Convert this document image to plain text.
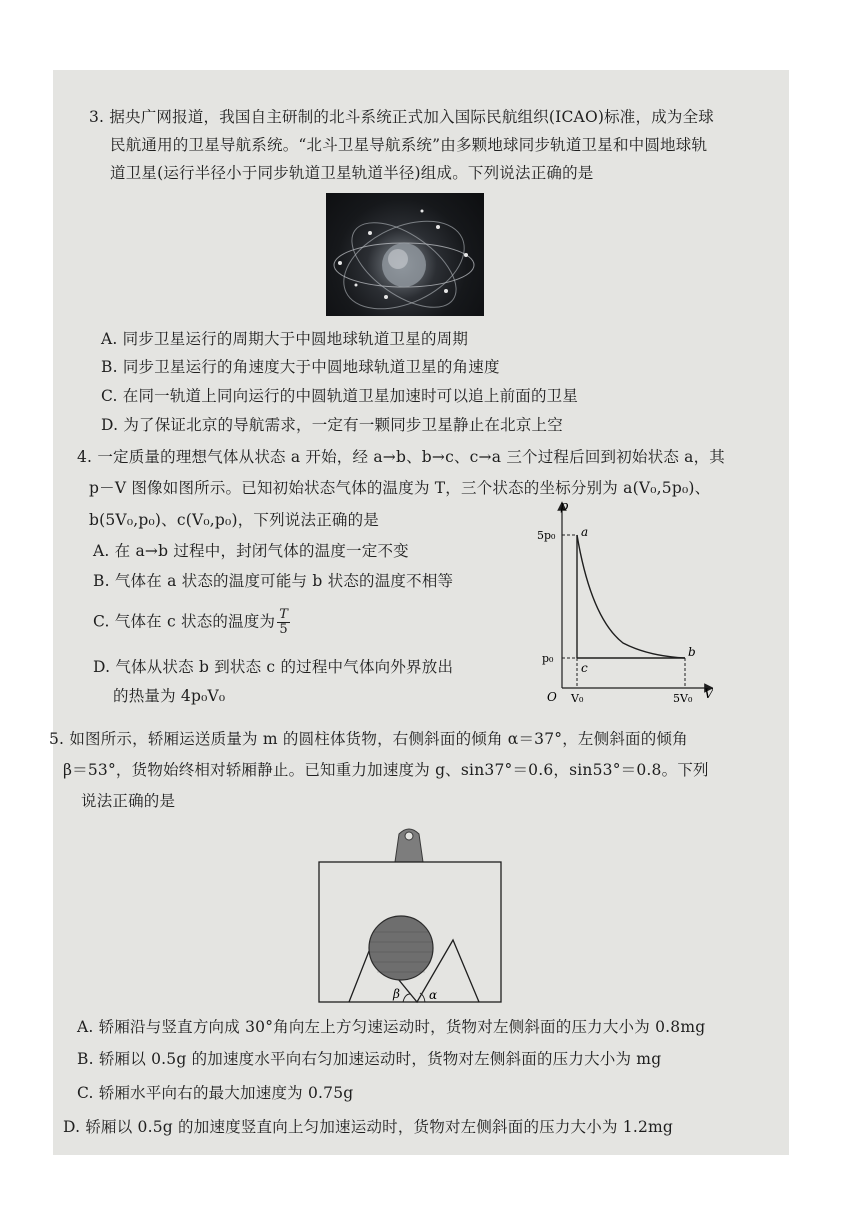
3. 据央广网报道，我国自主研制的北斗系统正式加入国际民航组织(ICAO)标准，成为全球
民航通用的卫星导航系统。“北斗卫星导航系统”由多颗地球同步轨道卫星和中圆地球轨
道卫星(运行半径小于同步轨道卫星轨道半径)组成。下列说法正确的是
A. 同步卫星运行的周期大于中圆地球轨道卫星的周期
B. 同步卫星运行的角速度大于中圆地球轨道卫星的角速度
C. 在同一轨道上同向运行的中圆轨道卫星加速时可以追上前面的卫星
D. 为了保证北京的导航需求，一定有一颗同步卫星静止在北京上空
4. 一定质量的理想气体从状态 a 开始，经 a→b、b→c、c→a 三个过程后回到初始状态 a，其
p－V 图像如图所示。已知初始状态气体的温度为 T，三个状态的坐标分别为 a(V₀,5p₀)、
b(5V₀,p₀)、c(V₀,p₀)，下列说法正确的是
A. 在 a→b 过程中，封闭气体的温度一定不变
B. 气体在 a 状态的温度可能与 b 状态的温度不相等
C. 气体在 c 状态的温度为 $\frac{T}{5}$
D. 气体从状态 b 到状态 c 的过程中气体向外界放出
的热量为 4p₀V₀
p
V
O
5p₀
p₀
V₀	5V₀
a
b
c
5. 如图所示，轿厢运送质量为 m 的圆柱体货物，右侧斜面的倾角 α＝37°，左侧斜面的倾角
β＝53°，货物始终相对轿厢静止。已知重力加速度为 g、sin37°＝0.6，sin53°＝0.8。下列
说法正确的是
β α
A. 轿厢沿与竖直方向成 30°角向左上方匀速运动时，货物对左侧斜面的压力大小为 0.8mg
B. 轿厢以 0.5g 的加速度水平向右匀加速运动时，货物对左侧斜面的压力大小为 mg
C. 轿厢水平向右的最大加速度为 0.75g
D. 轿厢以 0.5g 的加速度竖直向上匀加速运动时，货物对左侧斜面的压力大小为 1.2mg
